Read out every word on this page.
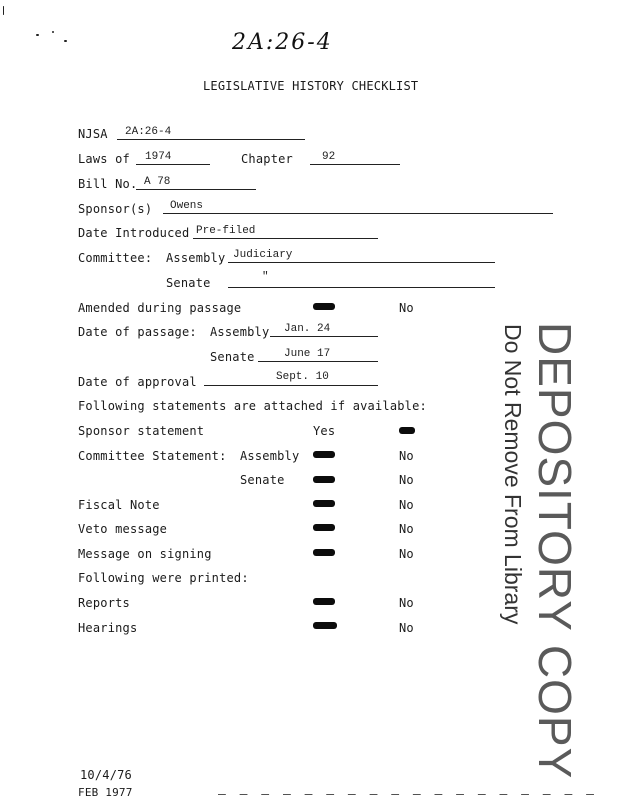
2A:26-4
LEGISLATIVE HISTORY CHECKLIST
NJSA 2A:26-4
Laws of 1974	Chapter	92
Bill No. A 78
Sponsor(s) Owens
Date Introduced Pre-filed
Committee: Assembly Judiciary
Senate	"
Amended during passage	No
Date of passage: Assembly Jan. 24
Senate	June 17
Date of approval	Sept. 10
Following statements are attached if available:
Sponsor statement	Yes
Committee Statement: Assembly	No
Senate	No
Fiscal Note	No
Veto message	No
Message on signing	No
Following were printed:
Reports	No
Hearings	No	DEPOSITORY COPY
Do Not Remove From Library
10/4/76
FEB 1977	— — — — — — — — — — — — — — — — — —
